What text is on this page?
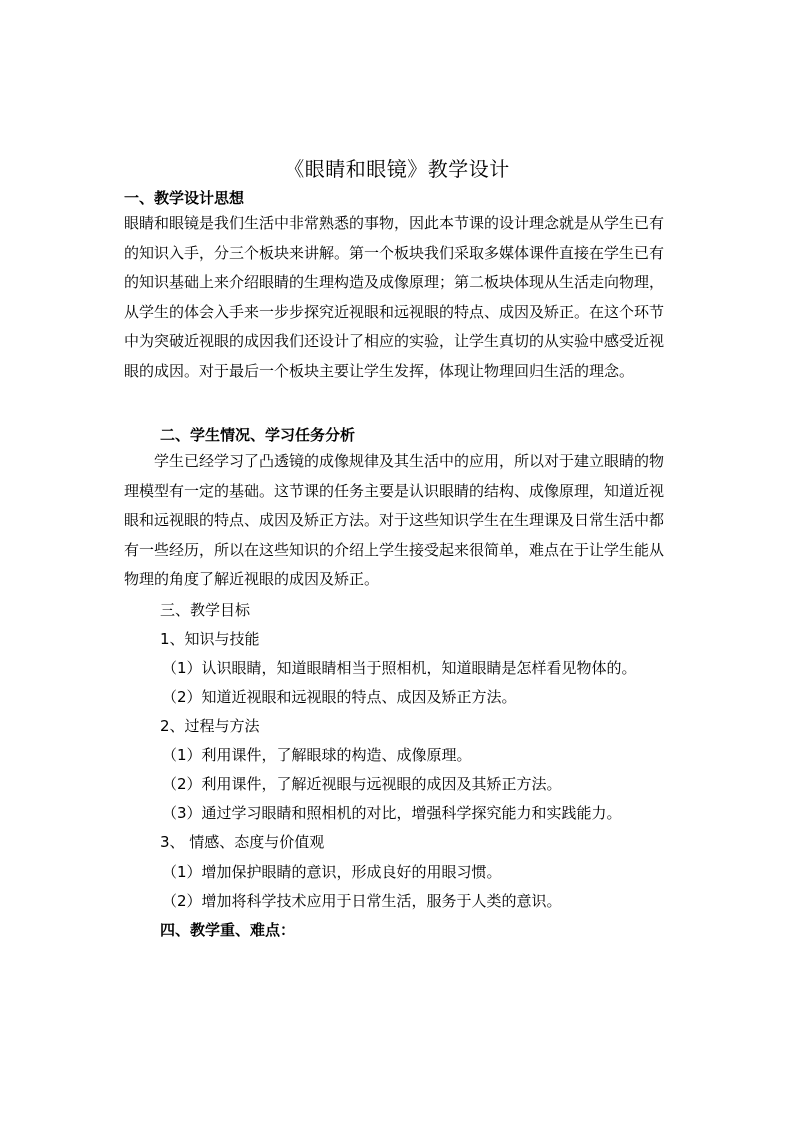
《眼睛和眼镜》教学设计
一、教学设计思想

眼睛和眼镜是我们生活中非常熟悉的事物，因此本节课的设计理念就是从学生已有的知识入手，分三个板块来讲解。第一个板块我们采取多媒体课件直接在学生已有的知识基础上来介绍眼睛的生理构造及成像原理；第二板块体现从生活走向物理，从学生的体会入手来一步步探究近视眼和远视眼的特点、成因及矫正。在这个环节中为突破近视眼的成因我们还设计了相应的实验，让学生真切的从实验中感受近视眼的成因。对于最后一个板块主要让学生发挥，体现让物理回归生活的理念。

二、学生情况、学习任务分析

学生已经学习了凸透镜的成像规律及其生活中的应用，所以对于建立眼睛的物理模型有一定的基础。这节课的任务主要是认识眼睛的结构、成像原理，知道近视眼和远视眼的特点、成因及矫正方法。对于这些知识学生在生理课及日常生活中都有一些经历，所以在这些知识的介绍上学生接受起来很简单，难点在于让学生能从物理的角度了解近视眼的成因及矫正。

三、教学目标
1、知识与技能
（1）认识眼睛，知道眼睛相当于照相机，知道眼睛是怎样看见物体的。
（2）知道近视眼和远视眼的特点、成因及矫正方法。
2、过程与方法
（1）利用课件，了解眼球的构造、成像原理。
（2）利用课件，了解近视眼与远视眼的成因及其矫正方法。
（3）通过学习眼睛和照相机的对比，增强科学探究能力和实践能力。
3、 情感、态度与价值观
（1）增加保护眼睛的意识，形成良好的用眼习惯。
（2）增加将科学技术应用于日常生活，服务于人类的意识。
四、教学重、难点：
